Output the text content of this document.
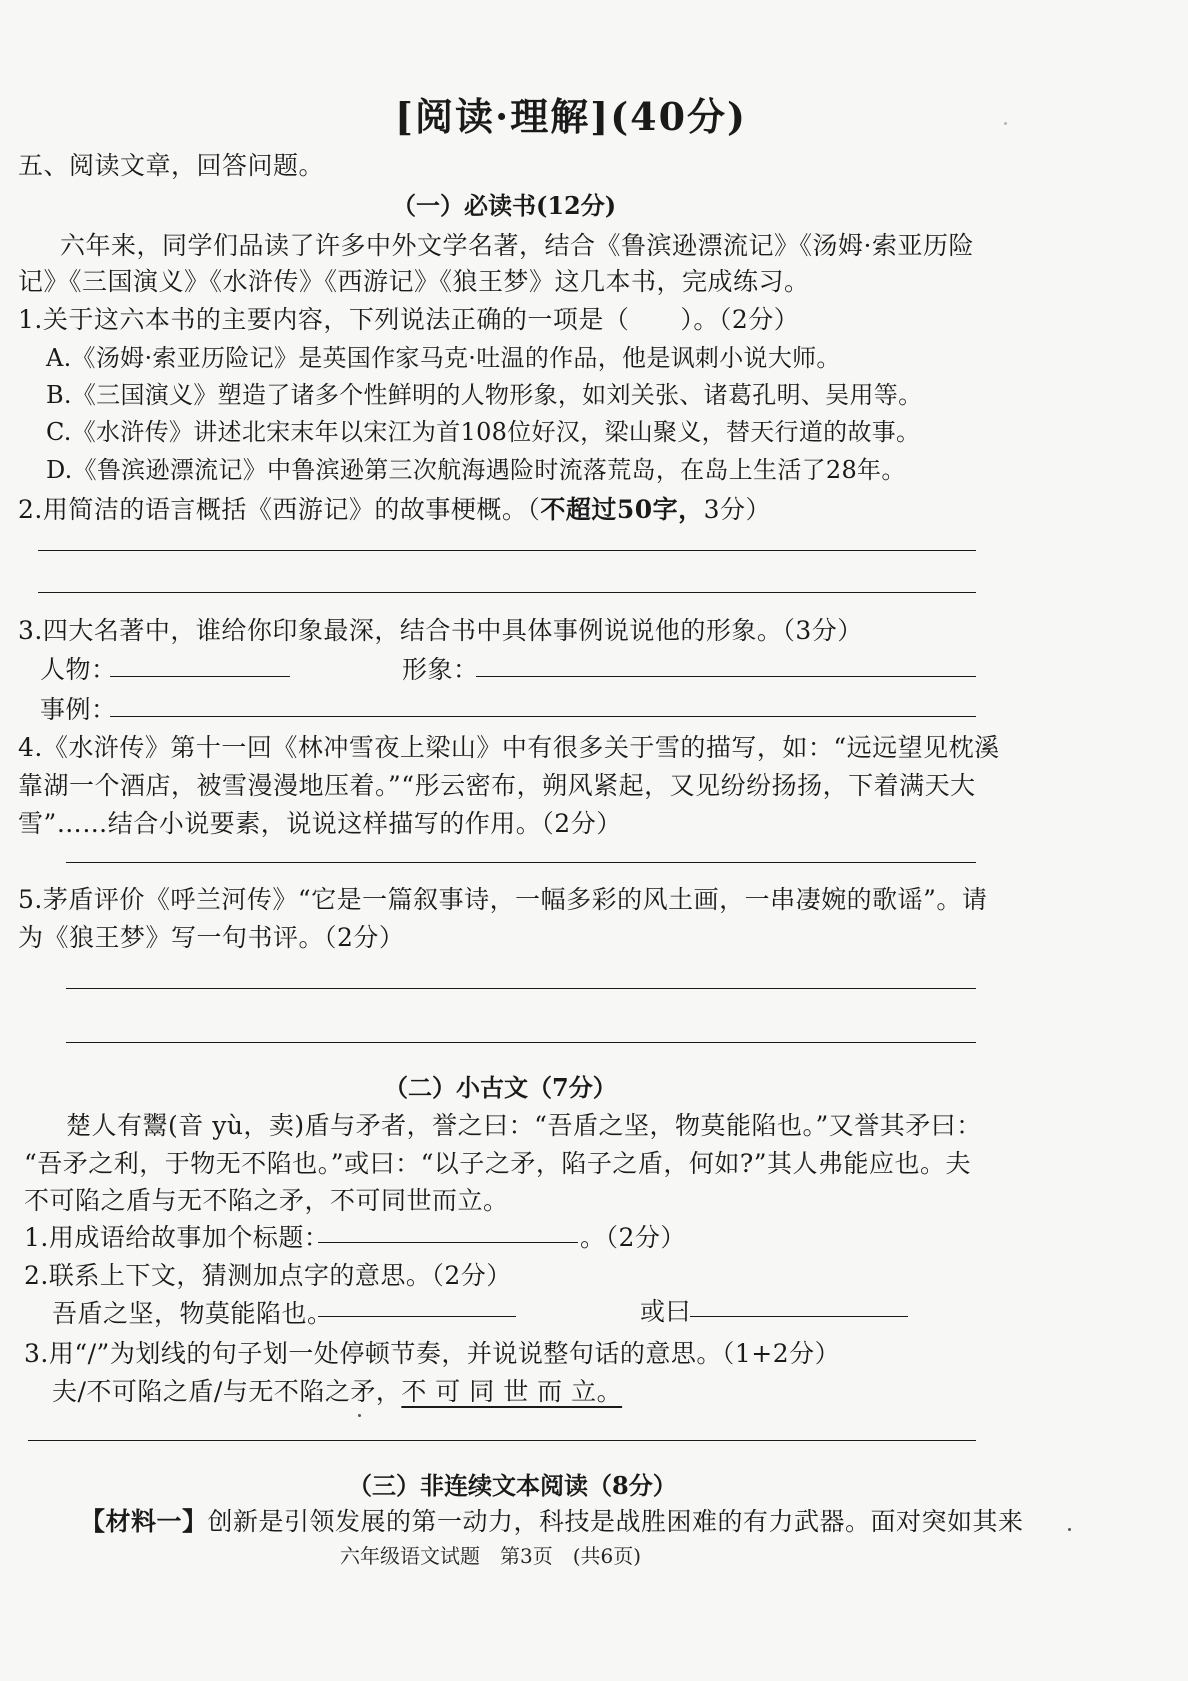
[阅读·理解](40分)
五、阅读文章，回答问题。
（一）必读书(12分)
六年来，同学们品读了许多中外文学名著，结合《鲁滨逊漂流记》《汤姆·索亚历险
记》《三国演义》《水浒传》《西游记》《狼王梦》这几本书，完成练习。
1.关于这六本书的主要内容，下列说法正确的一项是（　　）。（2分）
A.《汤姆·索亚历险记》是英国作家马克·吐温的作品，他是讽刺小说大师。
B.《三国演义》塑造了诸多个性鲜明的人物形象，如刘关张、诸葛孔明、吴用等。
C.《水浒传》讲述北宋末年以宋江为首108位好汉，梁山聚义，替天行道的故事。
D.《鲁滨逊漂流记》中鲁滨逊第三次航海遇险时流落荒岛，在岛上生活了28年。
2.用简洁的语言概括《西游记》的故事梗概。（不超过50字，3分）
3.四大名著中，谁给你印象最深，结合书中具体事例说说他的形象。（3分）
人物：	形象：
事例：
4.《水浒传》第十一回《林冲雪夜上梁山》中有很多关于雪的描写，如：“远远望见枕溪
靠湖一个酒店，被雪漫漫地压着。”“彤云密布，朔风紧起，又见纷纷扬扬，下着满天大
雪”……结合小说要素，说说这样描写的作用。（2分）
5.茅盾评价《呼兰河传》“它是一篇叙事诗，一幅多彩的风土画，一串凄婉的歌谣”。请
为《狼王梦》写一句书评。（2分）
（二）小古文（7分）
楚人有鬻(音 yù，卖)盾与矛者，誉之曰：“吾盾之坚，物莫能陷也。”又誉其矛曰：
“吾矛之利，于物无不陷也。”或曰：“以子之矛，陷子之盾，何如?”其人弗能应也。夫
不可陷之盾与无不陷之矛，不可同世而立。
1.用成语给故事加个标题：	。（2分）
2.联系上下文，猜测加点字的意思。（2分）
吾盾之坚，物莫能陷也。	或曰
3.用“/”为划线的句子划一处停顿节奏，并说说整句话的意思。（1+2分）
夫/不可陷之盾/与无不陷之矛，不 可 同 世 而 立。
（三）非连续文本阅读（8分）
【材料一】创新是引领发展的第一动力，科技是战胜困难的有力武器。面对突如其来
六年级语文试题　第3页　(共6页)
